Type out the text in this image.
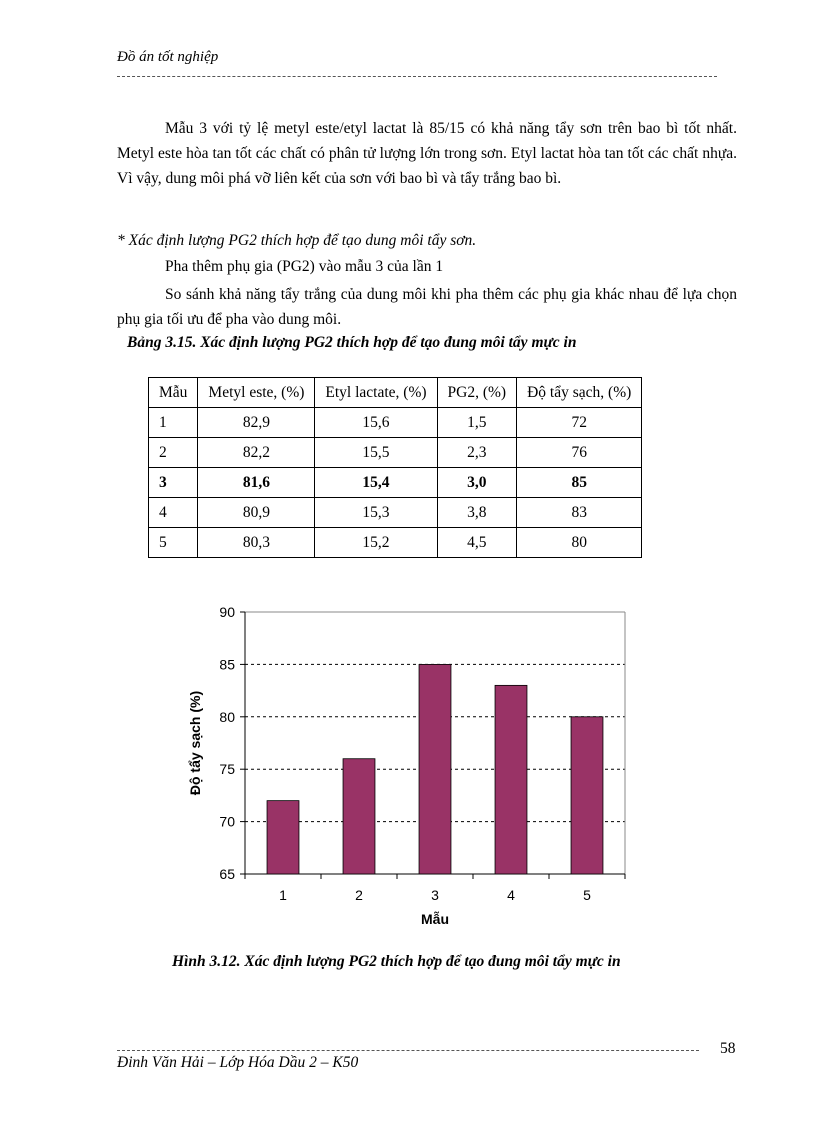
Đồ án tốt nghiệp
Mẫu 3 với tỷ lệ metyl este/etyl lactat là 85/15 có khả năng tẩy sơn trên bao bì tốt nhất. Metyl este hòa tan tốt các chất có phân tử lượng lớn trong sơn. Etyl lactat hòa tan tốt các chất nhựa. Vì vậy, dung môi phá vỡ liên kết của sơn với bao bì và tẩy trắng bao bì.
* Xác định lượng PG2 thích hợp để tạo dung môi tẩy sơn.
Pha thêm phụ gia (PG2) vào mẫu 3 của lần 1
So sánh khả năng tẩy trắng của dung môi khi pha thêm các phụ gia khác nhau để lựa chọn phụ gia tối ưu để pha vào dung môi.
Bảng 3.15. Xác định lượng PG2 thích hợp để tạo đung môi tẩy mực in
Mẫu	Metyl este, (%)	Etyl lactate, (%)	PG2, (%)	Độ tẩy sạch, (%)
1	82,9	15,6	1,5	72
2	82,2	15,5	2,3	76
3	81,6	15,4	3,0	85
4	80,9	15,3	3,8	83
5	80,3	15,2	4,5	80
65
70
75
80
85
90
1	2	3	4	5
Mẫu
Độ tẩy sạch (%)
Hình 3.12. Xác định lượng PG2 thích hợp để tạo đung môi tẩy mực in
58
Đinh Văn Hải – Lớp Hóa Dầu 2 – K50
